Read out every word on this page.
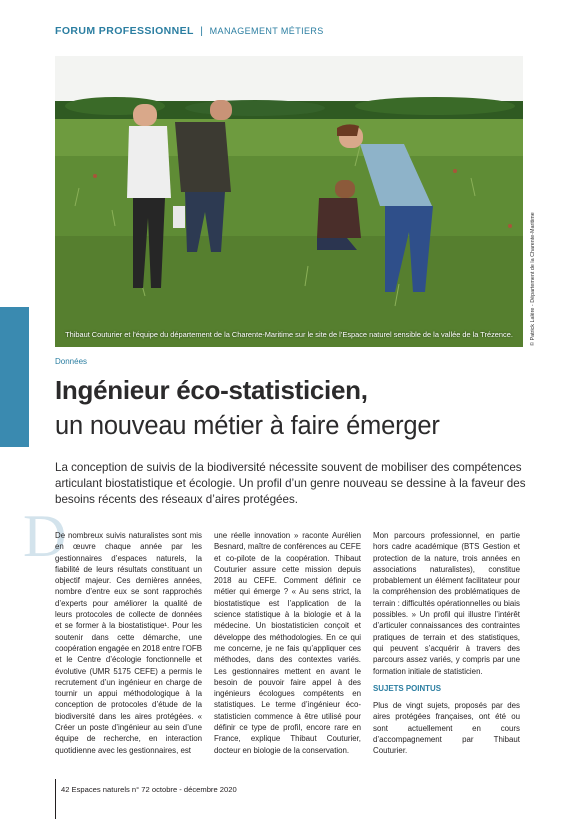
FORUM PROFESSIONNEL | MANAGEMENT MÉTIERS
Thibaut Couturier et l’équipe du département de la Charente-Maritime sur le site de l’Espace naturel sensible de la vallée de la Trézence.	© Patrick Lalère - Département de la Charente-Maritime
Données
Ingénieur éco-statisticien,
un nouveau métier à faire émerger
La conception de suivis de la biodiversité nécessite souvent de mobiliser des compétences articulant biostatistique et écologie. Un profil d’un genre nouveau se dessine à la faveur des besoins récents des réseaux d’aires protégées.
D

De nombreux suivis naturalistes sont mis en œuvre chaque année par les gestionnaires d’espaces naturels, la fiabilité de leurs résultats constituant un objectif majeur. Ces dernières années, nombre d’entre eux se sont rapprochés d’experts pour améliorer la qualité de leurs protocoles de collecte de données et se former à la biostatistique¹. Pour les soutenir dans cette démarche, une coopération engagée en 2018 entre l’OFB et le Centre d’écologie fonctionnelle et évolutive (UMR 5175 CEFE) a permis le recrutement d’un ingénieur en charge de tournir un appui méthodologique à la conception de protocoles d’étude de la biodiversité dans les aires protégées. « Créer un poste d’ingénieur au sein d’une équipe de recherche, en interaction quotidienne avec les gestionnaires, est

une réelle innovation » raconte Aurélien Besnard, maître de conférences au CEFE et co-pilote de la coopération. Thibaut Couturier assure cette mission depuis 2018 au CEFE. Comment définir ce métier qui émerge ? « Au sens strict, la biostatistique est l’application de la science statistique à la biologie et à la médecine. Un biostatisticien conçoit et développe des méthodologies. En ce qui me concerne, je ne fais qu’appliquer ces méthodes, dans des contextes variés. Les gestionnaires mettent en avant le besoin de pouvoir faire appel à des ingénieurs écologues compétents en statistiques. Le terme d’ingénieur éco-statisticien commence à être utilisé pour définir ce type de profil, encore rare en France, explique Thibaut Couturier, docteur en biologie de la conservation.

Mon parcours professionnel, en partie hors cadre académique (BTS Gestion et protection de la nature, trois années en associations naturalistes), constitue probablement un élément facilitateur pour la compréhension des problématiques de terrain : difficultés opérationnelles ou biais possibles. » Un profil qui illustre l’intérêt d’articuler connaissances des contraintes pratiques de terrain et des statistiques, qui peuvent s’acquérir à travers des parcours assez variés, y compris par une formation initiale de statisticien.

SUJETS POINTUS

Plus de vingt sujets, proposés par des aires protégées françaises, ont été ou sont actuellement en cours d’accompagnement par Thibaut Couturier.

42 Espaces naturels n° 72 octobre - décembre 2020
